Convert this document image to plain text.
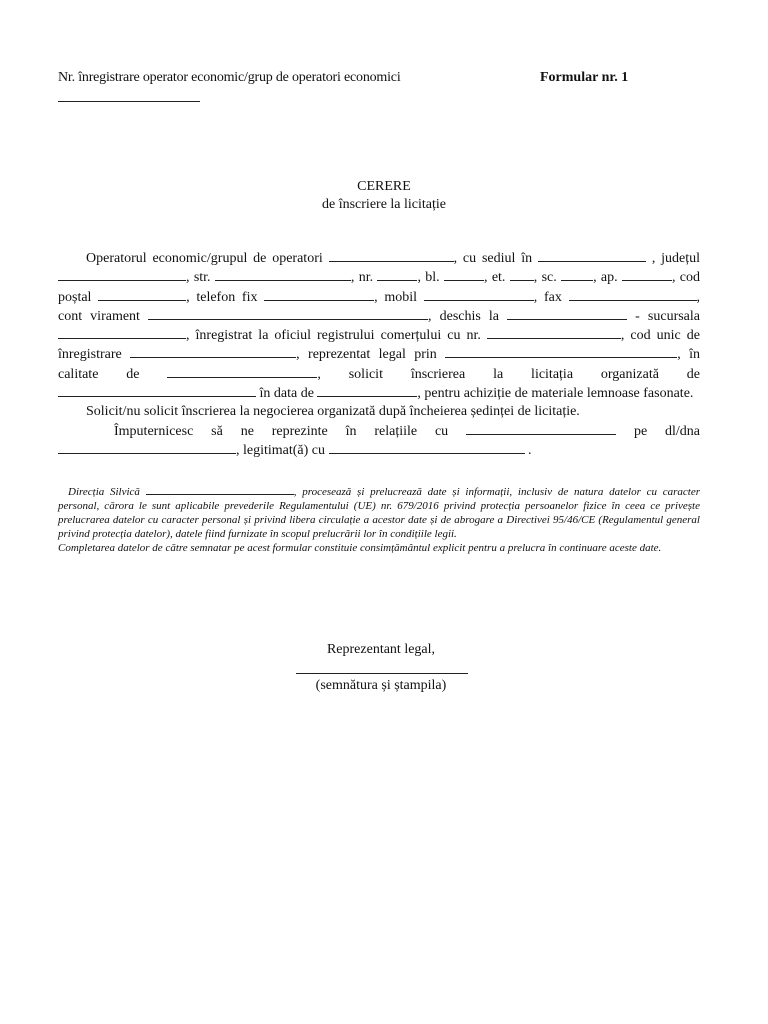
Nr. înregistrare operator economic/grup de operatori economici	Formular nr. 1
CERERE
de înscriere la licitație

Operatorul economic/grupul de operatori	, cu sediul în	, județul , str.	, nr.	, bl.	, et. , sc.	, ap.	, cod poștal	, telefon fix	, mobil	, fax	, cont virament	, deschis la	- sucursala , înregistrat la oficiul registrului comerțului cu nr.	, cod unic de înregistrare	, reprezentat legal prin	, în calitate de	, solicit înscrierea la licitația organizată de  în data de	, pentru achiziție de materiale lemnoase fasonate.

Solicit/nu solicit înscrierea la negocierea organizată după încheierea ședinței de licitație.

Împuternicesc să ne reprezinte în relațiile cu	pe dl/dna , legitimat(ă) cu	.

Direcția Silvică	, procesează și prelucrează date și informații, inclusiv de natura datelor cu caracter personal, cărora le sunt aplicabile prevederile Regulamentului (UE) nr. 679/2016 privind protecția persoanelor fizice în ceea ce privește prelucrarea datelor cu caracter personal și privind libera circulație a acestor date și de abrogare a Directivei 95/46/CE (Regulamentul general privind protecția datelor), datele fiind furnizate în scopul prelucrării lor în condițiile legii.

Completarea datelor de către semnatar pe acest formular constituie consimțământul explicit pentru a prelucra în continuare aceste date.

Reprezentant legal,
(semnătura și ștampila)
